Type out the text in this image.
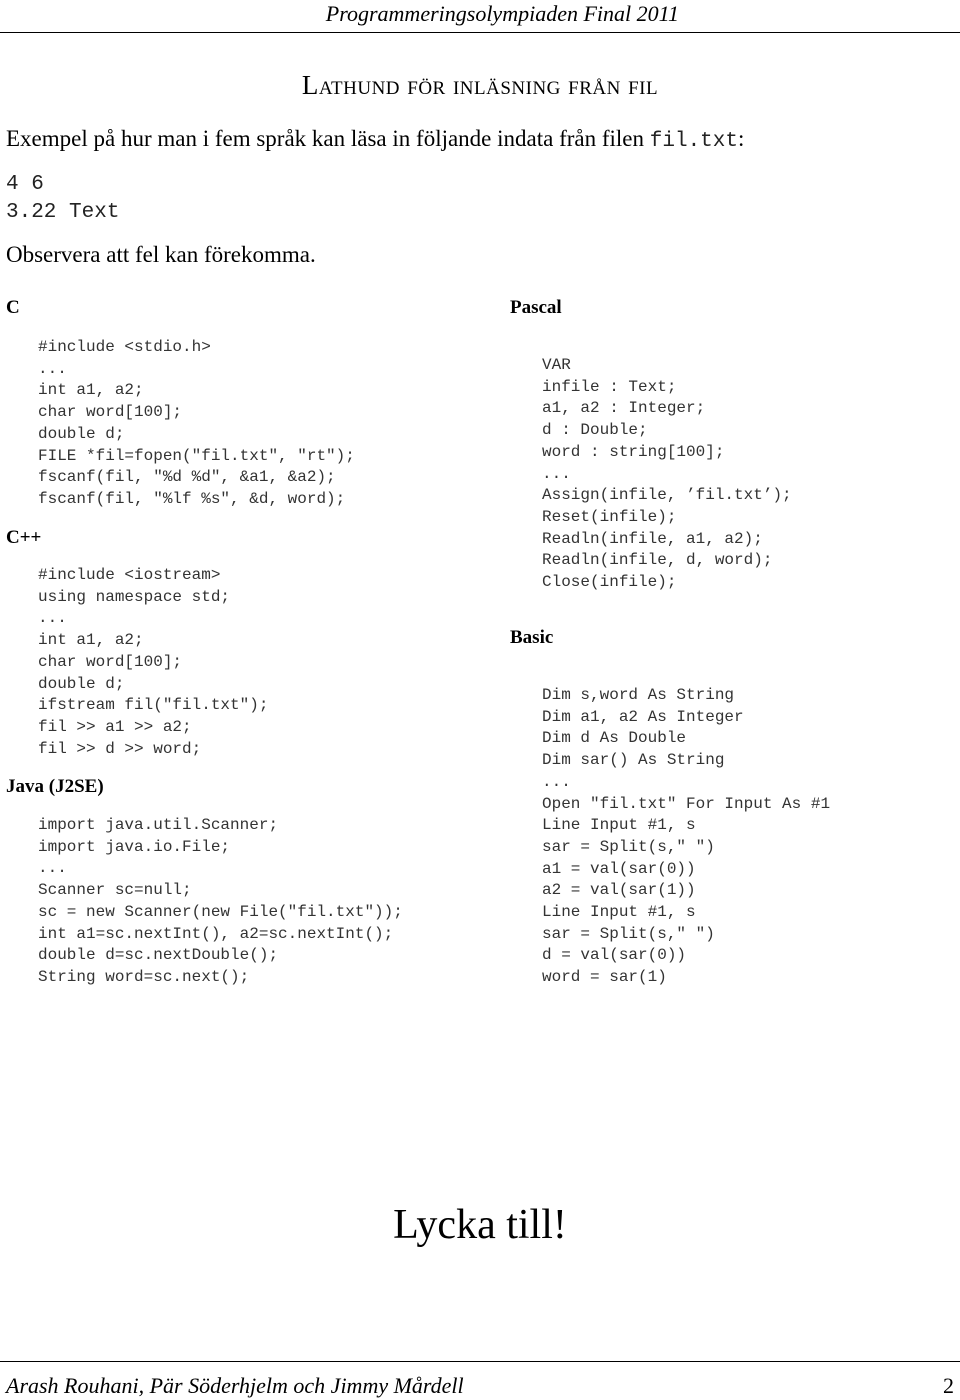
Programmeringsolympiaden Final 2011
Lathund för inläsning från fil
Exempel på hur man i fem språk kan läsa in följande indata från filen fil.txt:
4 6
3.22 Text
Observera att fel kan förekomma.
C
#include <stdio.h>
...
int a1, a2;
char word[100];
double d;
FILE *fil=fopen("fil.txt", "rt");
fscanf(fil, "%d %d", &a1, &a2);
fscanf(fil, "%lf %s", &d, word);
C++
#include <iostream>
using namespace std;
...
int a1, a2;
char word[100];
double d;
ifstream fil("fil.txt");
fil >> a1 >> a2;
fil >> d >> word;
Java (J2SE)
import java.util.Scanner;
import java.io.File;
...
Scanner sc=null;
sc = new Scanner(new File("fil.txt"));
int a1=sc.nextInt(), a2=sc.nextInt();
double d=sc.nextDouble();
String word=sc.next();
Pascal
VAR
infile : Text;
a1, a2 : Integer;
d : Double;
word : string[100];
...
Assign(infile, ’fil.txt’);
Reset(infile);
Readln(infile, a1, a2);
Readln(infile, d, word);
Close(infile);
Basic
Dim s,word As String
Dim a1, a2 As Integer
Dim d As Double
Dim sar() As String
...
Open "fil.txt" For Input As #1
Line Input #1, s
sar = Split(s," ")
a1 = val(sar(0))
a2 = val(sar(1))
Line Input #1, s
sar = Split(s," ")
d = val(sar(0))
word = sar(1)
Lycka till!
Arash Rouhani, Pär Söderhjelm och Jimmy Mårdell	2
